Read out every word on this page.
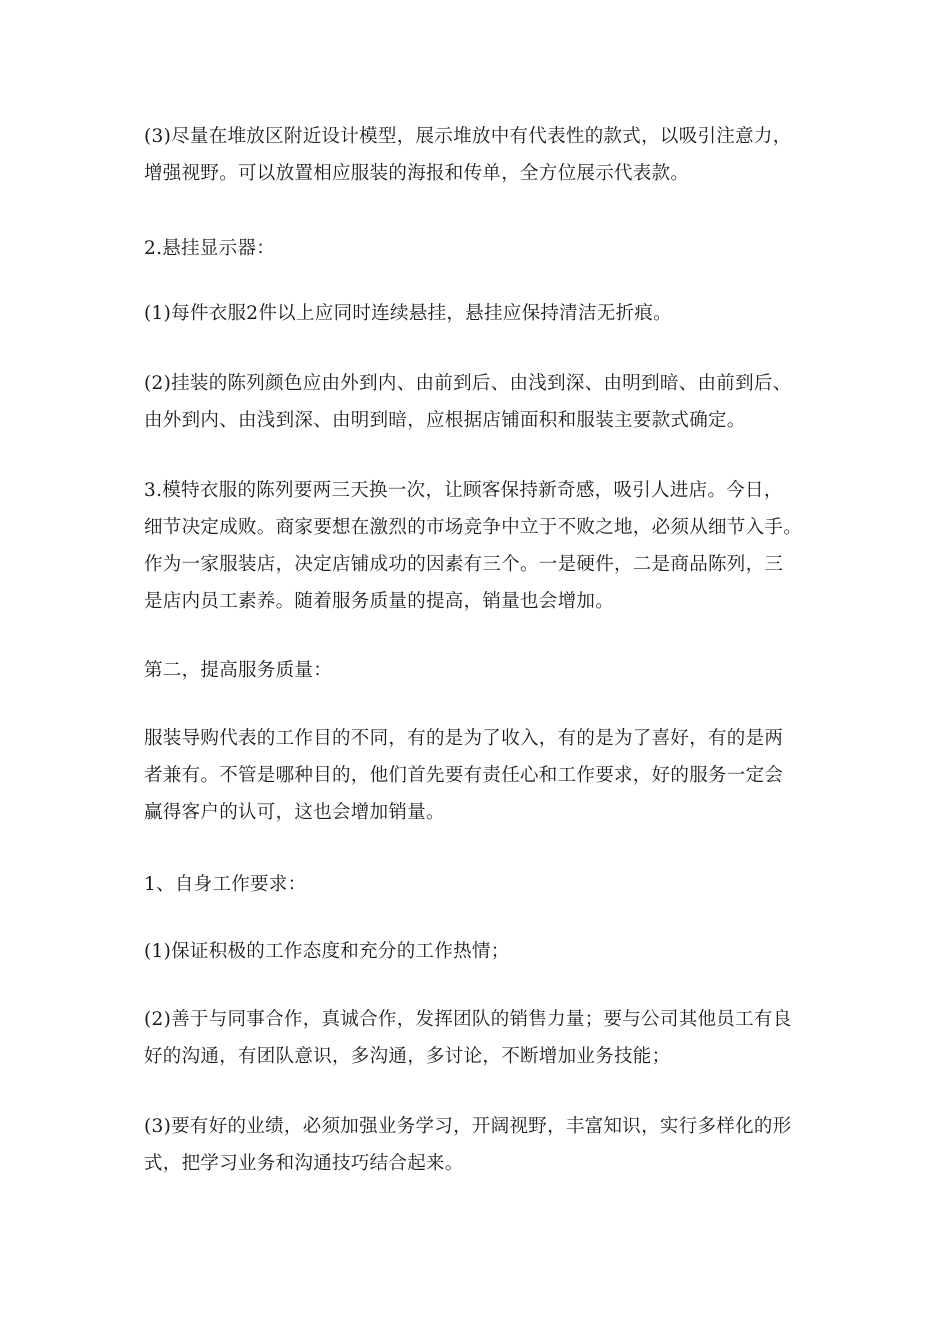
(3)尽量在堆放区附近设计模型，展示堆放中有代表性的款式，以吸引注意力，
增强视野。可以放置相应服装的海报和传单，全方位展示代表款。

2.悬挂显示器：

(1)每件衣服2件以上应同时连续悬挂，悬挂应保持清洁无折痕。

(2)挂装的陈列颜色应由外到内、由前到后、由浅到深、由明到暗、由前到后、
由外到内、由浅到深、由明到暗，应根据店铺面积和服装主要款式确定。

3.模特衣服的陈列要两三天换一次，让顾客保持新奇感，吸引人进店。今日，
细节决定成败。商家要想在激烈的市场竞争中立于不败之地，必须从细节入手。
作为一家服装店，决定店铺成功的因素有三个。一是硬件，二是商品陈列，三
是店内员工素养。随着服务质量的提高，销量也会增加。

第二，提高服务质量：

服装导购代表的工作目的不同，有的是为了收入，有的是为了喜好，有的是两
者兼有。不管是哪种目的，他们首先要有责任心和工作要求，好的服务一定会
赢得客户的认可，这也会增加销量。

1、自身工作要求：

(1)保证积极的工作态度和充分的工作热情；

(2)善于与同事合作，真诚合作，发挥团队的销售力量；要与公司其他员工有良
好的沟通，有团队意识，多沟通，多讨论，不断增加业务技能；

(3)要有好的业绩，必须加强业务学习，开阔视野，丰富知识，实行多样化的形
式，把学习业务和沟通技巧结合起来。
